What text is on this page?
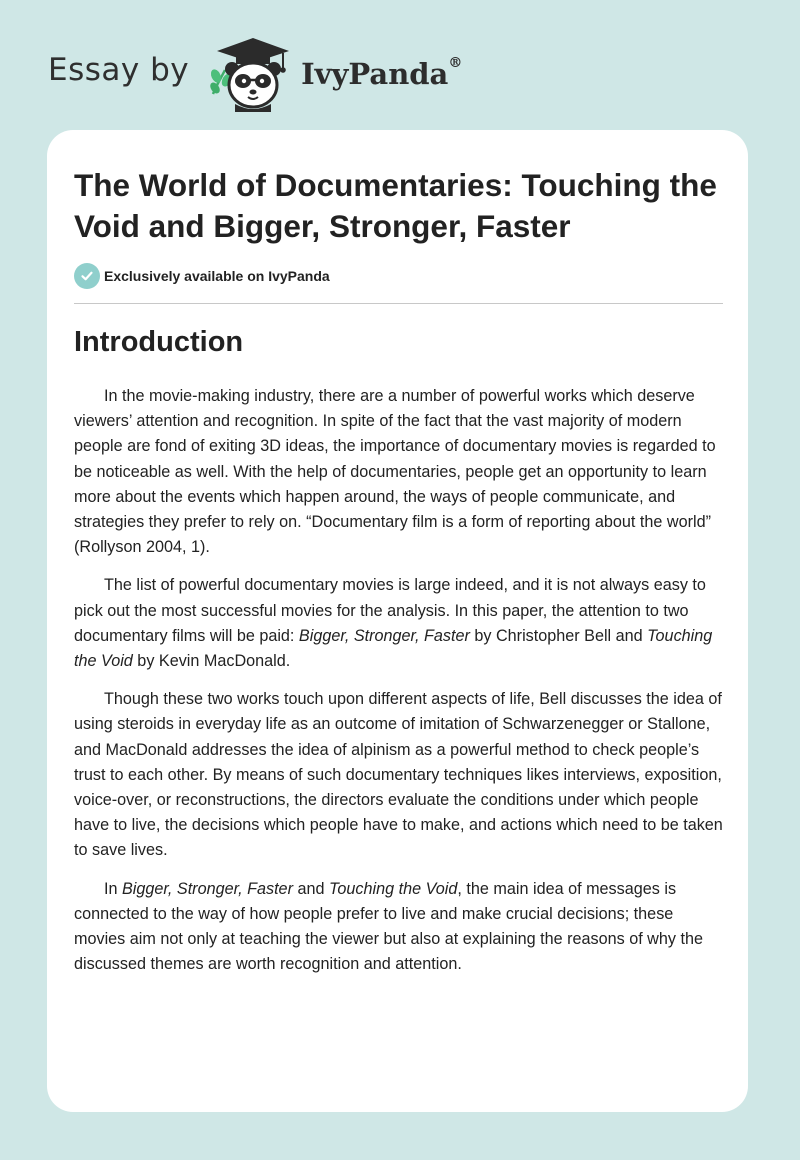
Essay by	IvyPanda®
The World of Documentaries: Touching the Void and Bigger, Stronger, Faster
Exclusively available on IvyPanda
Introduction

In the movie-making industry, there are a number of powerful works which deserve viewers’ attention and recognition. In spite of the fact that the vast majority of modern people are fond of exiting 3D ideas, the importance of documentary movies is regarded to be noticeable as well. With the help of documentaries, people get an opportunity to learn more about the events which happen around, the ways of people communicate, and strategies they prefer to rely on. “Documentary film is a form of reporting about the world” (Rollyson 2004, 1).

The list of powerful documentary movies is large indeed, and it is not always easy to pick out the most successful movies for the analysis. In this paper, the attention to two documentary films will be paid: Bigger, Stronger, Faster by Christopher Bell and Touching the Void by Kevin MacDonald.

Though these two works touch upon different aspects of life, Bell discusses the idea of using steroids in everyday life as an outcome of imitation of Schwarzenegger or Stallone, and MacDonald addresses the idea of alpinism as a powerful method to check people’s trust to each other. By means of such documentary techniques likes interviews, exposition, voice-over, or reconstructions, the directors evaluate the conditions under which people have to live, the decisions which people have to make, and actions which need to be taken to save lives.

In Bigger, Stronger, Faster and Touching the Void, the main idea of messages is connected to the way of how people prefer to live and make crucial decisions; these movies aim not only at teaching the viewer but also at explaining the reasons of why the discussed themes are worth recognition and attention.
